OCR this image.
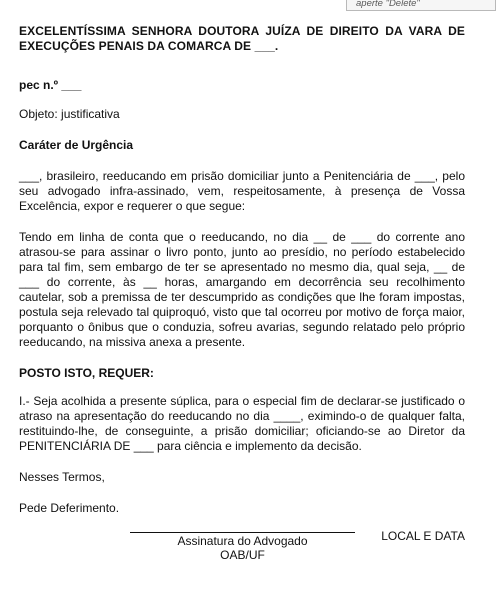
aperte "Delete"
EXCELENTÍSSIMA SENHORA DOUTORA JUÍZA DE DIREITO DA VARA DE EXECUÇÕES PENAIS DA COMARCA DE ___.
pec n.º ___
Objeto: justificativa
Caráter de Urgência

___, brasileiro, reeducando em prisão domiciliar junto a Penitenciária de ___, pelo seu advogado infra-assinado, vem, respeitosamente, à presença de Vossa Excelência, expor e requerer o que segue:

Tendo em linha de conta que o reeducando, no dia __ de ___ do corrente ano atrasou-se para assinar o livro ponto, junto ao presídio, no período estabelecido para tal fim, sem embargo de ter se apresentado no mesmo dia, qual seja, __ de ___ do corrente, às __ horas, amargando em decorrência seu recolhimento cautelar, sob a premissa de ter descumprido as condições que lhe foram impostas, postula seja relevado tal quiproquó, visto que tal ocorreu por motivo de força maior, porquanto o ônibus que o conduzia, sofreu avarias, segundo relatado pelo próprio reeducando, na missiva anexa a presente.

POSTO ISTO, REQUER:

I.- Seja acolhida a presente súplica, para o especial fim de declarar-se justificado o atraso na apresentação do reeducando no dia ____, eximindo-o de qualquer falta, restituindo-lhe, de conseguinte, a prisão domiciliar; oficiando-se ao Diretor da PENITENCIÁRIA DE ___ para ciência e implemento da decisão.

Nesses Termos,
Pede Deferimento.
LOCAL E DATA
Assinatura do Advogado
OAB/UF
